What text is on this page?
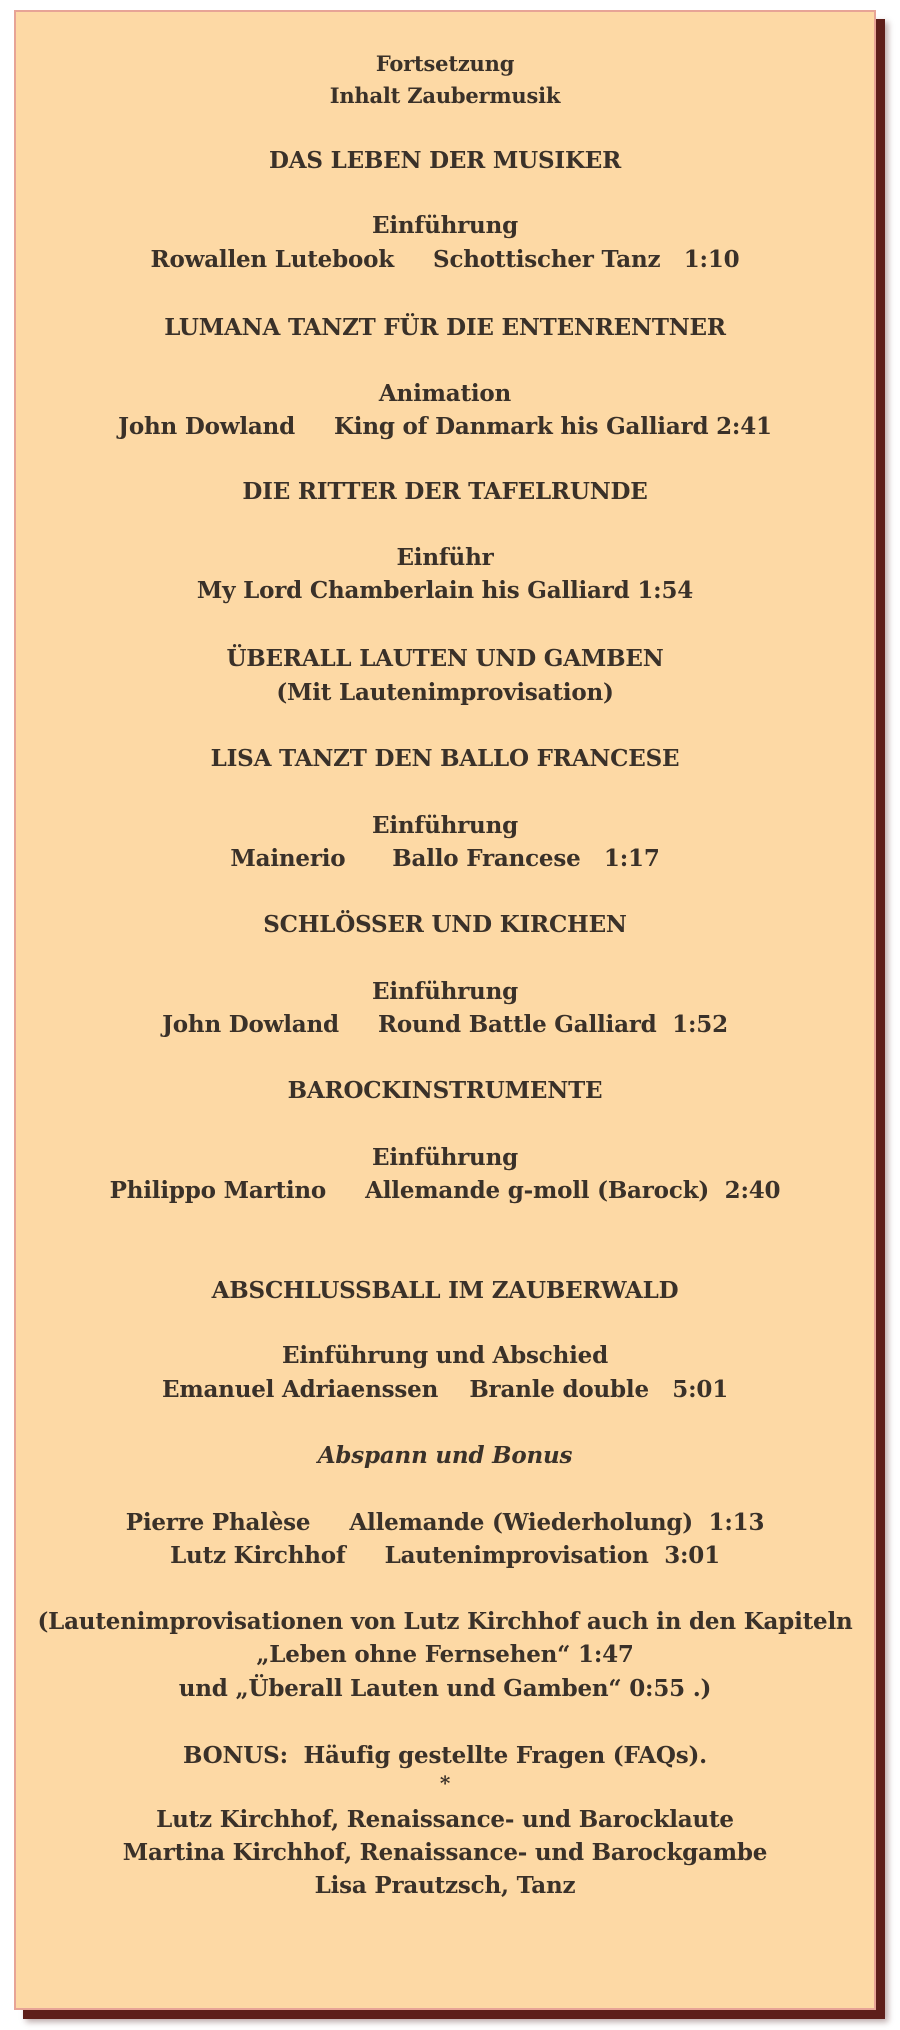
Fortsetzung
Inhalt Zaubermusik
DAS LEBEN DER MUSIKER
Einführung
Rowallen Lutebook     Schottischer Tanz   1:10
LUMANA TANZT FÜR DIE ENTENRENTNER
Animation
John Dowland     King of Danmark his Galliard 2:41
DIE RITTER DER TAFELRUNDE
Einführ
My Lord Chamberlain his Galliard 1:54
ÜBERALL LAUTEN UND GAMBEN
(Mit Lautenimprovisation)
LISA TANZT DEN BALLO FRANCESE
Einführung
Mainerio      Ballo Francese   1:17
SCHLÖSSER UND KIRCHEN
Einführung
John Dowland     Round Battle Galliard  1:52
BAROCKINSTRUMENTE
Einführung
Philippo Martino     Allemande g-moll (Barock)  2:40
ABSCHLUSSBALL IM ZAUBERWALD
Einführung und Abschied
Emanuel Adriaenssen    Branle double   5:01
Abspann und Bonus
Pierre Phalèse     Allemande (Wiederholung)  1:13
Lutz Kirchhof     Lautenimprovisation  3:01
(Lautenimprovisationen von Lutz Kirchhof auch in den Kapiteln
„Leben ohne Fernsehen“ 1:47
und „Überall Lauten und Gamben“ 0:55 .)
BONUS:  Häufig gestellte Fragen (FAQs).
*
Lutz Kirchhof, Renaissance- und Barocklaute
Martina Kirchhof, Renaissance- und Barockgambe
Lisa Prautzsch, Tanz
